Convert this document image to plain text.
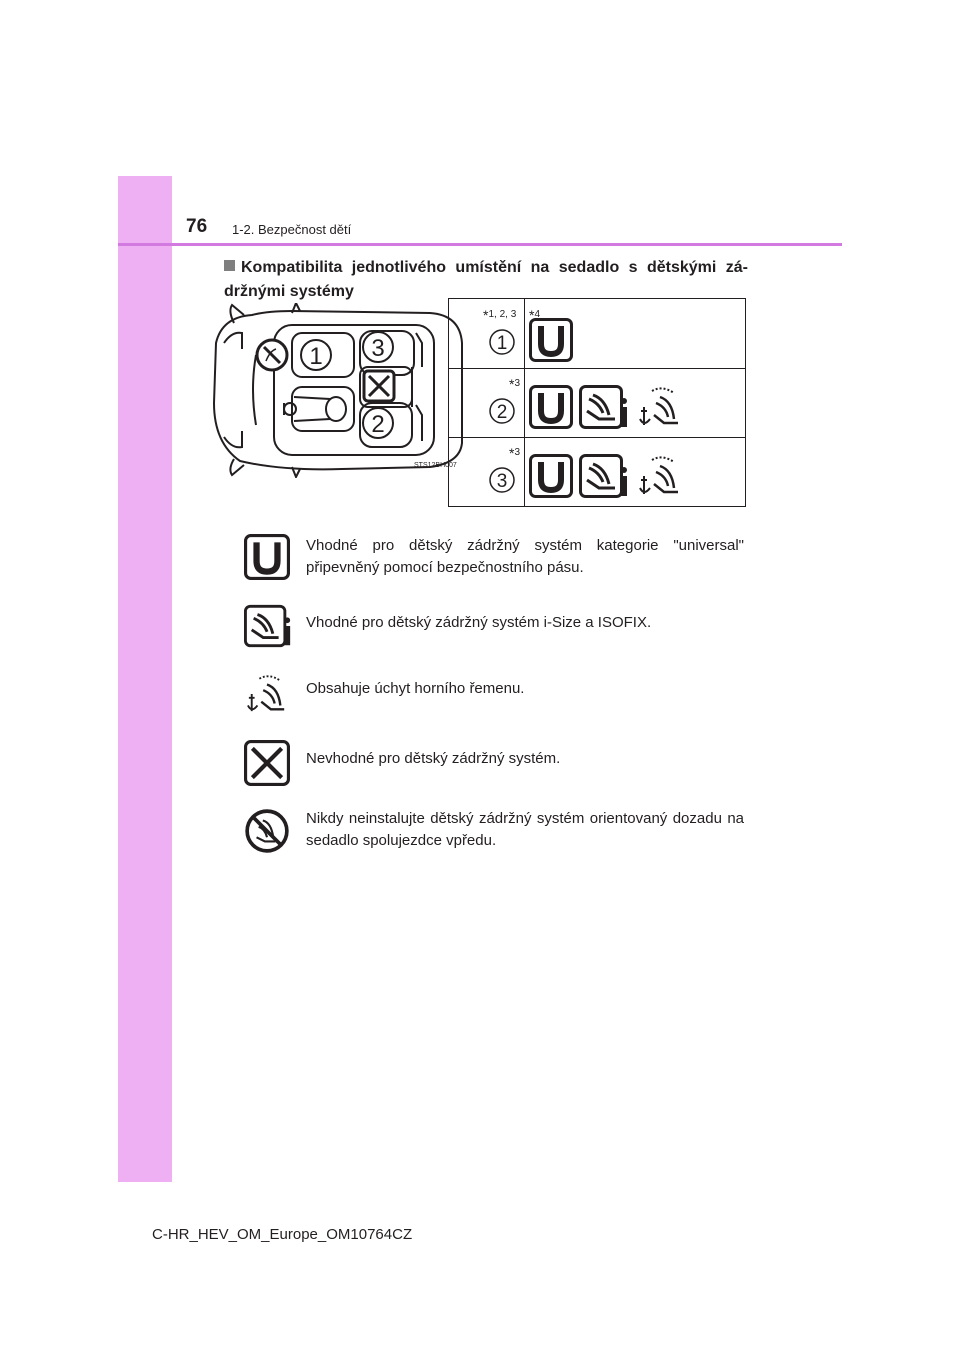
76 1-2. Bezpečnost dětí
Kompatibilita jednotlivého umístění na sedadlo s dětskými zá-držnými systémy
1 3
2
STS12BH007
*1, 2, 3
1
*4
*3
2

*3
3

Vhodné pro dětský zádržný systém kategorie "universal" připevněný pomocí bezpečnostního pásu.
Vhodné pro dětský zádržný systém i-Size a ISOFIX.
Obsahuje úchyt horního řemenu.
Nevhodné pro dětský zádržný systém.
Nikdy neinstalujte dětský zádržný systém orientovaný dozadu na sedadlo spolujezdce vpředu.
C-HR_HEV_OM_Europe_OM10764CZ
